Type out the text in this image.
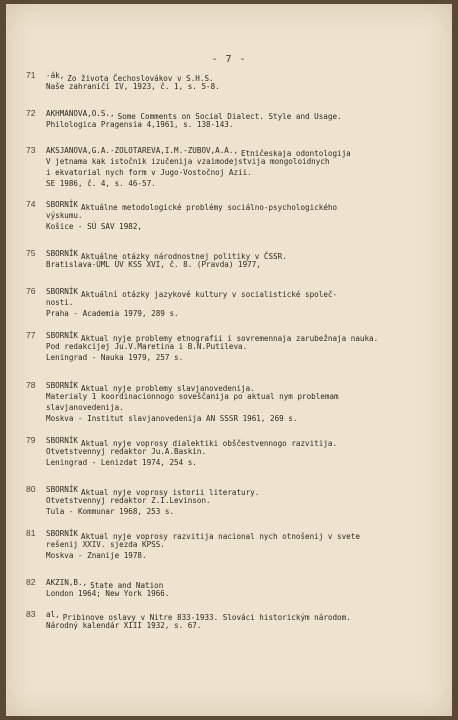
- 7 -
71 -ák, Zo života Čechoslovákov v S.H.S.
Naše zahraničí IV, 1923, č. 1, s. 5-8.
72 AKHMANOVA,O.S., Some Comments on Social Dialect. Style and Usage.
Philologica Pragensia 4,1961, s. 138-143.
73 AKSJANOVA,G.A.-ZOLOTAREVA,I.M.-ZUBOV,A.A., Etničeskaja odontologija
V jetnama kak istočnik izučenija vzaimodejstvija mongoloidnych
i ekvatorial nych form v Jugo-Vostočnoj Azii.
SE 1986, č. 4, s. 46-57.
74 SBORNÍK Aktuálne metodologické problémy sociálno-psychologického
výskumu.
Košice - SÚ SAV 1982,
75 SBORNÍK Aktuálne otázky národnostnej politiky v ČSSR.
Bratislava-ÚML ÚV KSS XVI, č. 8. (Pravda) 1977,
76 SBORNÍK Aktuální otázky jazykové kultury v socialistické společ-
nosti.
Praha - Academia 1979, 289 s.
77 SBORNÍK Aktual nyje problemy etnografii i sovremennaja zarubežnaja nauka.
Pod redakcijej Ju.V.Maretina i B.N.Putileva.
Leningrad - Nauka 1979, 257 s.
78 SBORNÍK Aktual nyje problemy slavjanovedenija.
Materialy 1 koordinacionnogo soveščanija po aktual nym problemam
slavjanovedenija.
Moskva - Institut slavjanovedenija AN SSSR 1961, 269 s.
79 SBORNÍK Aktual nyje voprosy dialektiki obščestvennogo razvitija.
Otvetstvennyj redaktor Ju.A.Baskin.
Leningrad - Lenizdat 1974, 254 s.
80 SBORNÍK Aktual nyje voprosy istorii literatury.
Otvetstvennyj redaktor Z.I.Levinson.
Tula - Kommunar 1968, 253 s.
81 SBORNÍK Aktual nyje voprosy razvitija nacional nych otnošenij v svete
rešenij XXIV. sjezda KPSS.
Moskva - Znanije 1978.
82 AKZIN,B., State and Nation
London 1964; New York 1966.
83 al, Pribinove oslavy v Nitre 833-1933. Slováci historickým národom.
Národný kalendár XIII 1932, s. 67.
